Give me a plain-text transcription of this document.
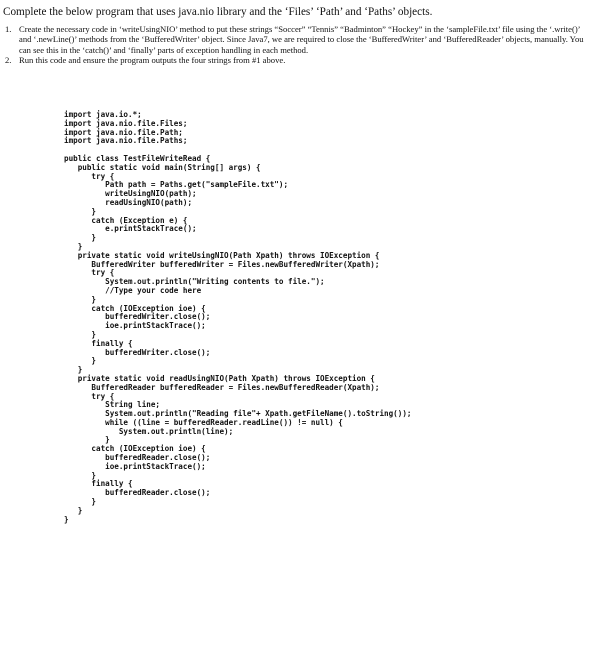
Complete the below program that uses java.nio library and the ‘Files’ ‘Path’ and ‘Paths’ objects.
1. Create the necessary code in ‘writeUsingNIO’ method to put these strings “Soccer” “Tennis” “Badminton” “Hockey” in the ‘sampleFile.txt’ file using the ‘.write()’ and ‘.newLine()’ methods from the ‘BufferedWriter’ object. Since Java7, we are required to close the ‘BufferedWriter’ and ‘BufferedReader’ objects, manually. You can see this in the ‘catch()’ and ‘finally’ parts of exception handling in each method.
2. Run this code and ensure the program outputs the four strings from #1 above.
import java.io.*;
import java.nio.file.Files;
import java.nio.file.Path;
import java.nio.file.Paths;
public class TestFileWriteRead {
public static void main(String[] args) {
try {
Path path = Paths.get("sampleFile.txt");
writeUsingNIO(path);
readUsingNIO(path);
}
catch (Exception e) {
e.printStackTrace();
}
}
private static void writeUsingNIO(Path Xpath) throws IOException {
BufferedWriter bufferedWriter = Files.newBufferedWriter(Xpath);
try {
System.out.println("Writing contents to file.");
//Type your code here
}
catch (IOException ioe) {
bufferedWriter.close();
ioe.printStackTrace();
}
finally {
bufferedWriter.close();
}
}
private static void readUsingNIO(Path Xpath) throws IOException {
BufferedReader bufferedReader = Files.newBufferedReader(Xpath);
try {
String line;
System.out.println("Reading file"+ Xpath.getFileName().toString());
while ((line = bufferedReader.readLine()) != null) {
System.out.println(line);
}
catch (IOException ioe) {
bufferedReader.close();
ioe.printStackTrace();
}
finally {
bufferedReader.close();
}
}
}
